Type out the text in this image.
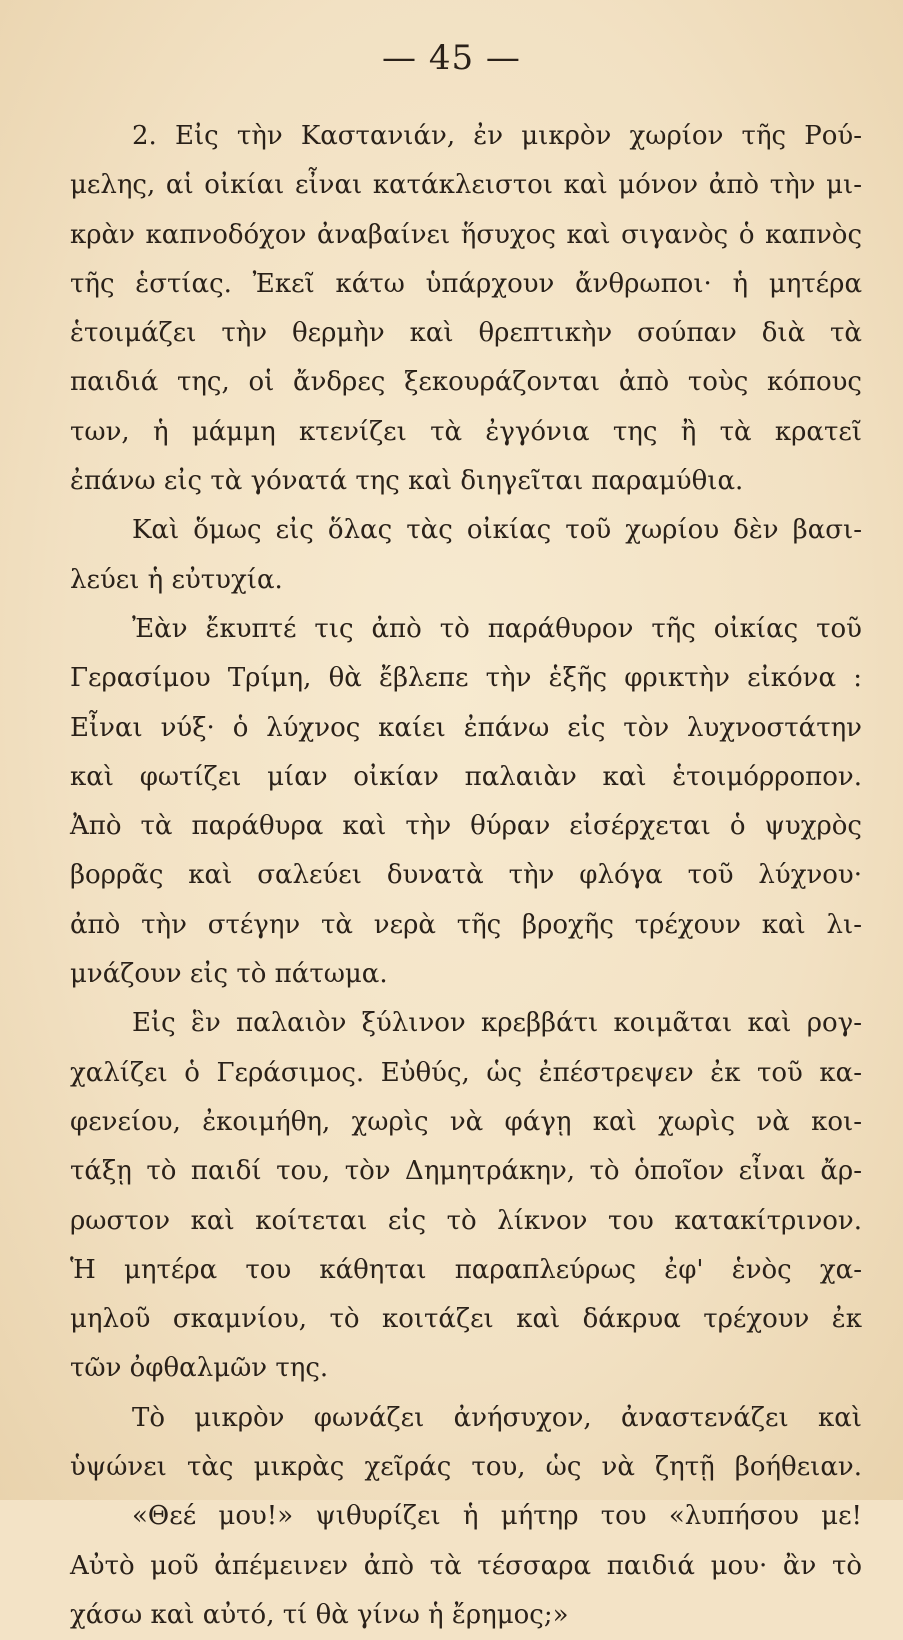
— 45 —
2. Εἰς τὴν Καστανιάν, ἐν μικρὸν χωρίον τῆς Ρού-
μελης, αἱ οἰκίαι εἶναι κατάκλειστοι καὶ μόνον ἀπὸ τὴν μι-
κρὰν καπνοδόχον ἀναβαίνει ἥσυχος καὶ σιγανὸς ὁ καπνὸς
τῆς ἑστίας. Ἐκεῖ κάτω ὑπάρχουν ἄνθρωποι· ἡ μητέρα
ἑτοιμάζει τὴν θερμὴν καὶ θρεπτικὴν σούπαν διὰ τὰ
παιδιά της, οἱ ἄνδρες ξεκουράζονται ἀπὸ τοὺς κόπους
των, ἡ μάμμη κτενίζει τὰ ἐγγόνια της ἢ τὰ κρατεῖ
ἐπάνω εἰς τὰ γόνατά της καὶ διηγεῖται παραμύθια.
Καὶ ὅμως εἰς ὅλας τὰς οἰκίας τοῦ χωρίου δὲν βασι-
λεύει ἡ εὐτυχία.
Ἐὰν ἔκυπτέ τις ἀπὸ τὸ παράθυρον τῆς οἰκίας τοῦ
Γερασίμου Τρίμη, θὰ ἔβλεπε τὴν ἑξῆς φρικτὴν εἰκόνα :
Εἶναι νύξ· ὁ λύχνος καίει ἐπάνω εἰς τὸν λυχνοστάτην
καὶ φωτίζει μίαν οἰκίαν παλαιὰν καὶ ἑτοιμόρροπον.
Ἀπὸ τὰ παράθυρα καὶ τὴν θύραν εἰσέρχεται ὁ ψυχρὸς
βορρᾶς καὶ σαλεύει δυνατὰ τὴν φλόγα τοῦ λύχνου·
ἀπὸ τὴν στέγην τὰ νερὰ τῆς βροχῆς τρέχουν καὶ λι-
μνάζουν εἰς τὸ πάτωμα.
Εἰς ἓν παλαιὸν ξύλινον κρεββάτι κοιμᾶται καὶ ρογ-
χαλίζει ὁ Γεράσιμος. Εὐθύς, ὡς ἐπέστρεψεν ἐκ τοῦ κα-
φενείου, ἐκοιμήθη, χωρὶς νὰ φάγῃ καὶ χωρὶς νὰ κοι-
τάξῃ τὸ παιδί του, τὸν Δημητράκην, τὸ ὁποῖον εἶναι ἄρ-
ρωστον καὶ κοίτεται εἰς τὸ λίκνον του κατακίτρινον.
Ἡ μητέρα του κάθηται παραπλεύρως ἐφ' ἑνὸς χα-
μηλοῦ σκαμνίου, τὸ κοιτάζει καὶ δάκρυα τρέχουν ἐκ
τῶν ὀφθαλμῶν της.
Τὸ μικρὸν φωνάζει ἀνήσυχον, ἀναστενάζει καὶ
ὑψώνει τὰς μικρὰς χεῖράς του, ὡς νὰ ζητῇ βοήθειαν.
«Θεέ μου!» ψιθυρίζει ἡ μήτηρ του «λυπήσου με!
Αὐτὸ μοῦ ἀπέμεινεν ἀπὸ τὰ τέσσαρα παιδιά μου· ἂν τὸ
χάσω καὶ αὐτό, τί θὰ γίνω ἡ ἔρημος;»
